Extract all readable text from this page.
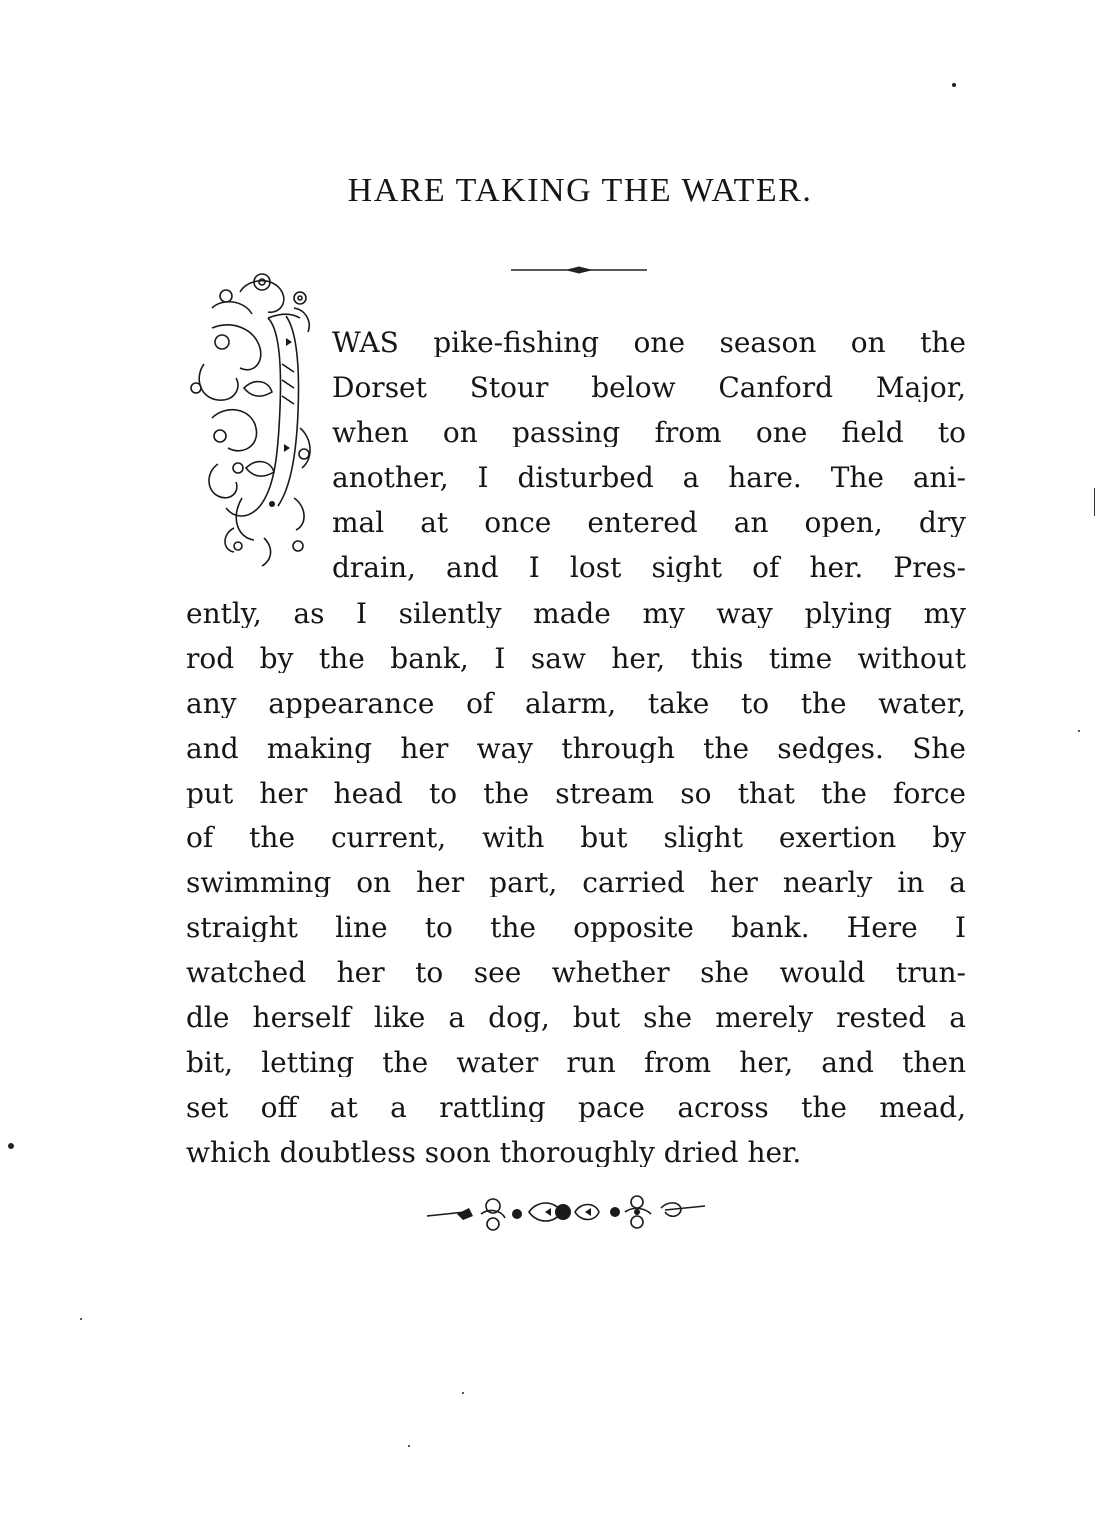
HARE TAKING THE WATER.

WAS pike-fishing one season on the

Dorset Stour below Canford Major,

when on passing from one field to

another, I disturbed a hare. The ani-

mal at once entered an open, dry

drain, and I lost sight of her. Pres-

ently, as I silently made my way plying my

rod by the bank, I saw her, this time without

any appearance of alarm, take to the water,

and making her way through the sedges. She

put her head to the stream so that the force

of the current, with but slight exertion by

swimming on her part, carried her nearly in a

straight line to the opposite bank. Here I

watched her to see whether she would trun-

dle herself like a dog, but she merely rested a

bit, letting the water run from her, and then

set off at a rattling pace across the mead,

which doubtless soon thoroughly dried her.
